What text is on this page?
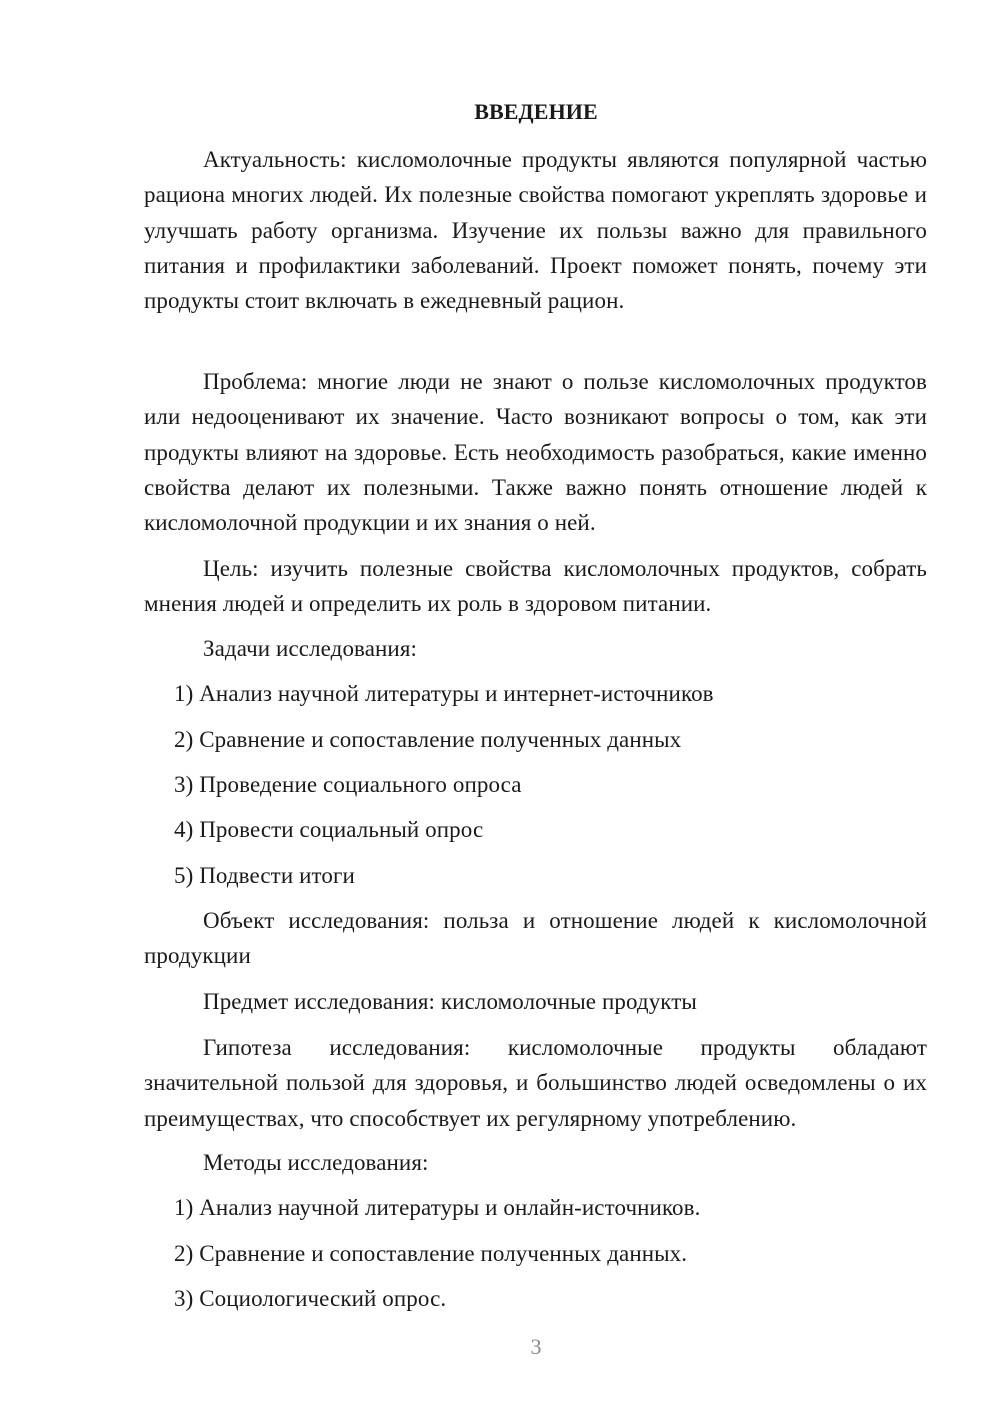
ВВЕДЕНИЕ

Актуальность: кисломолочные продукты являются популярной частью рациона многих людей. Их полезные свойства помогают укреплять здоровье и улучшать работу организма. Изучение их пользы важно для правильного питания и профилактики заболеваний. Проект поможет понять, почему эти продукты стоит включать в ежедневный рацион.

Проблема: многие люди не знают о пользе кисломолочных продуктов или недооценивают их значение. Часто возникают вопросы о том, как эти продукты влияют на здоровье. Есть необходимость разобраться, какие именно свойства делают их полезными. Также важно понять отношение людей к кисломолочной продукции и их знания о ней.

Цель: изучить полезные свойства кисломолочных продуктов, собрать мнения людей и определить их роль в здоровом питании.

Задачи исследования:

1) Анализ научной литературы и интернет-источников

2) Сравнение и сопоставление полученных данных

3) Проведение социального опроса

4) Провести социальный опрос

5) Подвести итоги

Объект исследования: польза и отношение людей к кисломолочной продукции

Предмет исследования: кисломолочные продукты

Гипотеза исследования: кисломолочные продукты обладают значительной пользой для здоровья, и большинство людей осведомлены о их преимуществах, что способствует их регулярному употреблению.

Методы исследования:

1) Анализ научной литературы и онлайн-источников.

2) Сравнение и сопоставление полученных данных.

3) Социологический опрос.

3
